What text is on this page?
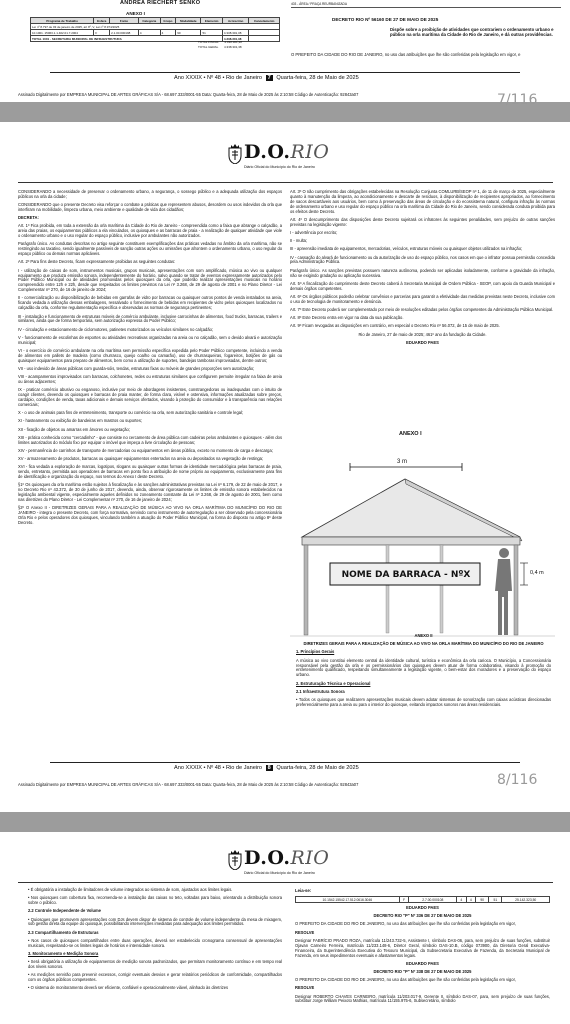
ANDREA RIECHERT SENKO
ANEXO I
Programa de Trabalho	Esfera	Fonte	Categoria	Grupo	Modalidade	Elemento	Acréscimo	Cancelamento
Lei nº 8.797 de 03 de janeiro de 2025, art 9º, V, Lei nº 8.974/2025								
10.1001. 15063.1.1.402.01.7.2004	F	2.1.00.000198	4	4	90	51	4.338.301,38	
TOTAL 1001 - SECRETARIA MUNICIPAL DE INFRAESTRUTURA							4.338.301,38	
TOTAL FISCAL 4.338.301,38
TOTAL GERAL 4.338.301,38
403 - ÁREA / PRAÇA REURBANIZADA
DECRETO RIO Nº 56160 DE 27 DE MAIO DE 2025
Dispõe sobre a proibição de atividades que contrariem o ordenamento urbano e público na orla marítima da Cidade do Rio de Janeiro, e dá outras providências.
O PREFEITO DA CIDADE DO RIO DE JANEIRO, no uso das atribuições que lhe são conferidas pela legislação em vigor, e
Ano XXXIX • Nº 48 • Rio de Janeiro 7 Quarta-feira, 28 de Maio de 2025
Assinado Digitalmente por EMPRESA MUNICIPAL DE ARTES GRÁFICAS S/A - 68.697.333/0001-55 Data: Quarta-feira, 28 de Maio de 2025 às 2:10:58 Código de Autenticação: 92843a07	7/116
D.O.RIO
Diário Oficial do Município do Rio de Janeiro

CONSIDERANDO a necessidade de preservar o ordenamento urbano, a segurança, o sossego público e a adequada utilização dos espaços públicos na orla da cidade;

CONSIDERANDO que o presente Decreto visa reforçar o combate a práticas que representem abusos, desordem ou usos indevidos da orla que interfiram na mobilidade, limpeza urbana, meio ambiente e qualidade de vida dos cidadãos;

DECRETA:

Art. 1º Fica proibida, em toda a extensão da orla marítima da Cidade do Rio de Janeiro - compreendida como a faixa que abrange o calçadão, a areia das praias, os equipamentos públicos a ela vinculados, os quiosques e as barracas de praia - a realização de qualquer atividade que viole o ordenamento urbano e o uso regular do espaço público, inclusive por ambulantes não autorizados.

Parágrafo único. As condutas descritas no artigo seguinte constituem exemplificações das práticas vedadas no âmbito da orla marítima, não se restringindo ao taxativo, sendo igualmente passíveis de sanção outras ações ou omissões que afrontem o ordenamento urbano, o uso regular do espaço público ou demais normas aplicáveis.

Art. 2º Para fins deste Decreto, ficam expressamente proibidas as seguintes condutas:

I - utilização de caixas de som, instrumentos musicais, grupos musicais, apresentações com som amplificado, música ao vivo ou qualquer equipamento que produza emissão sonora, independentemente do horário, salvo quando se tratar de eventos expressamente autorizados pelo Poder Público Municipal ou de atividades promovidas pelos quiosques da orla, que poderão realizar apresentações musicais no horário compreendido entre 12h e 22h, desde que respeitados os limites previstos na Lei nº 3.268, de 29 de agosto de 2001 e no Plano Diretor - Lei Complementar nº 270, de 16 de janeiro de 2024;

II - comercialização ou disponibilização de bebidas em garrafas de vidro por barracas ou quaisquer outros pontos de venda instalados na areia, ficando vedada a utilização dessas embalagens, ressalvado o fornecimento de bebidas em recipientes de vidro pelos quiosques localizados no calçadão da orla, conforme regulamentação específica e observadas as normas de segurança pertinentes;

III - instalação e funcionamento de estruturas móveis de comércio ambulante, inclusive carrocinhas de alimentos, food trucks, barracas, trailers e similares, ainda que de forma temporária, sem autorização expressa do Poder Público;

IV - circulação e estacionamento de ciclomotores, patinetes motorizados ou veículos similares no calçadão;

V - funcionamento de escolinhas de esportes ou atividades recreativas organizadas na areia ou no calçadão, sem o devido alvará e autorização municipal;

VI - o exercício de comércio ambulante na orla marítima sem permissão específica expedida pelo Poder Público competente, incluindo a venda de alimentos em pallets de madeira (como churrasco, queijo coalho ou camarão), uso de churrasqueiras, fogareiros, botijões de gás ou quaisquer equipamentos para preparo de alimentos, bem como a utilização de suportes, bandejas tamboras improvisadas, dentre outros;

VII - uso indevido de áreas públicas com guarda-sóis, tendas, estruturas fixas ou móveis de grandes proporções sem autorização;

VIII - acampamentos improvisados com barracas, colchonetes, redes ou estruturas similares que configurem pernoite irregular na faixa de areia ou áreas adjacentes;

IX - praticar comércio abusivo ou enganoso, inclusive por meio de abordagens insistentes, constrangedoras ou inadequadas com o intuito de coagir clientes, devendo os quiosques e barracas de praia manter, de forma clara, visível e ostensiva, informações atualizadas sobre preços, cardápio, condições de venda, taxas adicionais e demais serviços ofertados, visando à proteção do consumidor e à transparência nas relações comerciais;

X - o uso de animais para fins de entretenimento, transporte ou comércio na orla, sem autorização sanitária e controle legal;

XI - hasteamento ou exibição de bandeiras em mastros ou suportes;

XII - fixação de objetos ou amarras em árvores ou vegetação;

XIII - prática conhecida como "cercadinho" - que consiste no cercamento de área pública com cadeiras pelos ambulantes e quiosques - além dos limites autorizados do módulo fixo por equipar o imóvel que impeça a livre circulação de pessoas;

XIV - permanência de carrinhos de transporte de mercadorias ou equipamentos em áreas pública, exceto no momento de carga e descarga;

XV - armazenamento de produtos, barracas ou quaisquer equipamentos enterrados na areia ou depositados na vegetação de restinga;

XVI - fica vedada a exploração de marcas, logotipos, slogans ou quaisquer outras formas de identidade mercadológica pelas barracas de praia, sendo, entretanto, permitida aos operadores de barracas em ponto fixo a atribuição de nome próprio ao equipamento, exclusivamente para fins de identificação e organização do espaço, nos termos do Anexo I deste Decreto.

§1º Os quiosques da orla marítima estão sujeitos à fiscalização e às sanções administrativas previstas na Lei nº 6.179, de 22 de maio de 2017, e no Decreto Rio nº 43.372, de 30 de junho de 2017, devendo, ainda, observar rigorosamente os limites de emissão sonora estabelecidos na legislação ambiental vigente, especialmente aqueles definidos no zoneamento constante da Lei nº 3.268, de 29 de agosto de 2001, bem como nas diretrizes do Plano Diretor - Lei Complementar nº 270, de 16 de janeiro de 2024;

§2º O Anexo II - DIRETRIZES GERAIS PARA A REALIZAÇÃO DE MÚSICA AO VIVO NA ORLA MARÍTIMA DO MUNICÍPIO DO RIO DE JANEIRO - integra o presente Decreto, com força normativa, servindo como instrumento de autorregulação a ser observado pela concessionária Orla Rio e pelos operadores dos quiosques, vinculando também a atuação do Poder Público Municipal, na forma do disposto no artigo 8º deste Decreto.

Art. 3º O não cumprimento das obrigações estabelecidas na Resolução Conjunta COMLURB/SEOP nº 1, de 11 de março de 2025, especialmente quanto à manutenção da limpeza, ao acondicionamento e descarte de resíduos, à disponibilização de recipientes apropriados, ao fornecimento de sacos descartáveis aos usuários, bem como à preservação das áreas de circulação e do ecossistema natural, configura infração às normas de ordenamento urbano e uso regular do espaço público na orla marítima da Cidade do Rio de Janeiro, sendo considerada conduta proibida para os efeitos deste Decreto.

Art. 4º O descumprimento das disposições deste Decreto sujeitará os infratores às seguintes penalidades, sem prejuízo de outras sanções previstas na legislação vigente:

I - advertência por escrito;

II - multa;

III - apreensão imediata de equipamentos, mercadorias, veículos, estruturas móveis ou quaisquer objetos utilizados na infração;

IV - cassação do alvará de funcionamento ou da autorização de uso do espaço público, nos casos em que o infrator possua permissão concedida pela Administração Pública.

Parágrafo único. As sanções previstas possuem natureza autônoma, podendo ser aplicadas isoladamente, conforme a gravidade da infração, não se exigindo gradação ou aplicação sucessiva.

Art. 5º A fiscalização do cumprimento deste Decreto caberá à Secretaria Municipal de Ordem Pública - SEOP, com apoio da Guarda Municipal e demais órgãos competentes.

Art. 6º Os órgãos públicos poderão celebrar convênios e parcerias para garantir a efetividade das medidas previstas neste Decreto, inclusive com o uso de tecnologia de monitoramento e denúncia.

Art. 7º Este Decreto poderá ser complementado por meio de resoluções editadas pelos órgãos competentes da Administração Pública Municipal.

Art. 8º Este Decreto entra em vigor na data da sua publicação.

Art. 9º Ficam revogadas as disposições em contrário, em especial o Decreto Rio nº 56.072, de 15 de maio de 2025.

Rio de Janeiro, 27 de maio de 2025; 461º ano da fundação da Cidade.

EDUARDO PAES

ANEXO I
3 m
NOME DA BARRACA - NºX	0,4 m

ANEXO II

DIRETRIZES GERAIS PARA A REALIZAÇÃO DE MÚSICA AO VIVO NA ORLA MARÍTIMA DO MUNICÍPIO DO RIO DE JANEIRO

1. Princípios Gerais

A música ao vivo constitui elemento central da identidade cultural, turística e econômica da orla carioca. O Município, a Concessionária responsável pela gestão da orla e os permissionários dos quiosques devem atuar de forma colaborativa, visando à promoção do entretenimento qualificado, respeitando simultaneamente a legislação vigente, o bem-estar dos moradores e a preservação do espaço urbano.

2. Estruturação Técnica e Operacional

2.1 Infraestrutura Sonora

• Todos os quiosques que realizarem apresentações musicais devem adotar sistemas de sonorização com caixas acústicas direcionadas preferencialmente para a areia ou para o interior do quiosque, evitando impactos sonoros nas áreas residenciais.

Ano XXXIX • Nº 48 • Rio de Janeiro 8 Quarta-feira, 28 de Maio de 2025
Assinado Digitalmente por EMPRESA MUNICIPAL DE ARTES GRÁFICAS S/A - 68.697.333/0001-55 Data: Quarta-feira, 28 de Maio de 2025 às 2:10:58 Código de Autenticação: 92843a07	8/116
D.O.RIO
Diário Oficial do Município do Rio de Janeiro

• É obrigatória a instalação de limitadores de volume integrados ao sistema de som, ajustados aos limites legais.

• Nos quiosques com cobertura fixa, recomenda-se a instalação das caixas no teto, voltadas para baixo, orientando a distribuição sonora sobre o público.

2.2 Controle Independente de Volume

• Quiosques que promovem apresentações com DJs devem dispor de sistema de controle de volume independente da mesa de mixagem, sob gestão direta da equipe do quiosque, possibilitando intervenções imediatas para adequação aos limites permitidos.

2.3 Compartilhamento de Estruturas

• Nos casos de quiosques compartilhados entre duas operações, deverá ser estabelecido cronograma consensual de apresentações musicais, respeitando-se os limites legais de horários e intensidade sonora.

3. Monitoramento e Medição Sonora

• Será obrigatória a utilização de equipamentos de medição sonora padronizados, que permitam monitoramento contínuo e em tempo real dos níveis sonoros.

• As medições servirão para prevenir excessos, corrigir eventuais desvios e gerar relatórios periódicos de conformidade, compartilhados com os órgãos públicos competentes.

• O sistema de monitoramento deverá ser eficiente, confiável e operacionalmente viável, alinhado às diretrizes

Leia-se:
10.1542.15542.17.512.0616.3046	F	2.7.00.000108	4	4	90	51	25.142.323,50

EDUARDO PAES

DECRETO RIO "P" Nº 336 DE 27 DE MAIO DE 2025

O PREFEITO DA CIDADE DO RIO DE JANEIRO, no uso das atribuições que lhe são conferidas pela legislação em vigor,

RESOLVE

Designar FABRÍCIO PRADO ROZA, matrícula 11/243.732-5, Assistente I, símbolo DAS-06, para, sem prejuízo de suas funções, substituir Ojavan Carneiro Ferreira, matrícula 11/233.148-6, Diretor Geral, símbolo DAS-10.B, código 073900, da Diretoria Geral Executiva-Financeira, da Superintendência Executiva do Tesouro Municipal, da Subsecretaria Executiva de Fazenda, da Secretaria Municipal de Fazenda, em seus impedimentos eventuais e afastamentos legais.

EDUARDO PAES

DECRETO RIO "P" Nº 338 DE 27 DE MAIO DE 2025

O PREFEITO DA CIDADE DO RIO DE JANEIRO, no uso das atribuições que lhe são conferidas pela legislação em vigor,

RESOLVE

Designar ROBERTO CHAVES CARNEIRO, matrícula 11/203.017-9, Gerente II, símbolo DAS-07, para, sem prejuízo de suas funções, substituir Jorge William Peixoto Mathias, matrícula 11/155.975-6, Subsecretário, símbolo
